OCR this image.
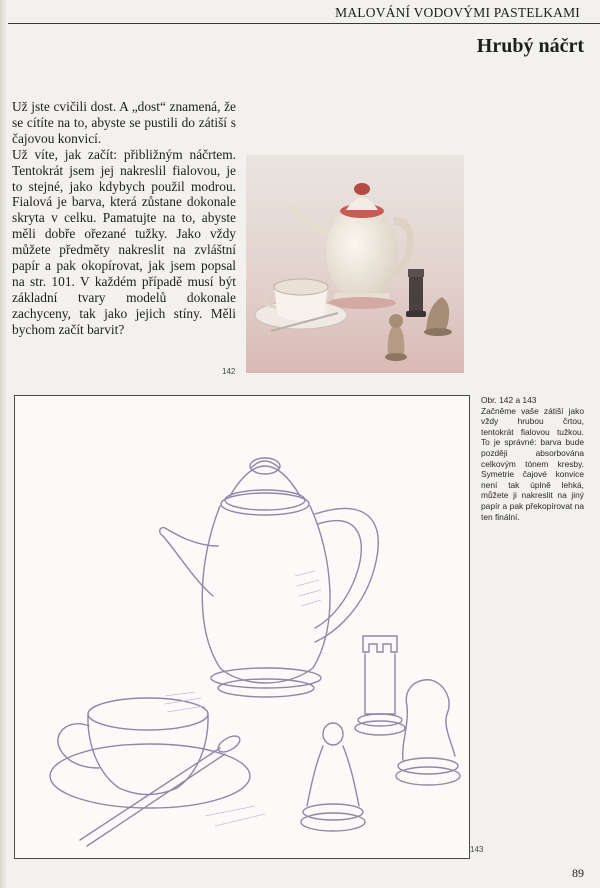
MALOVÁNÍ VODOVÝMI PASTELKAMI
Hrubý náčrt

Už jste cvičili dost. A „dost“ znamená, že se cítíte na to, abyste se pustili do zátiší s čajovou konvicí.

Už víte, jak začít: přibližným náčrtem. Tentokrát jsem jej nakreslil fialovou, je to stejné, jako kdybych použil modrou. Fialová je barva, která zůstane dokonale skryta v celku. Pamatujte na to, abyste měli dobře ořezané tužky. Jako vždy můžete předměty nakreslit na zvláštní papír a pak okopírovat, jak jsem popsal na str. 101. V každém případě musí být základní tvary modelů dokonale zachyceny, tak jako jejich stíny. Měli bychom začít barvit?

142
143

Obr. 142 a 143

Začněme vaše zátiší jako vždy hrubou črtou, tentokrát fialovou tužkou. To je správné: barva bude později absorbována celkovým tónem kresby. Symetrie čajové konvice není tak úplně lehká, můžete ji nakreslit na jiný papír a pak překopírovat na ten finální.

89
